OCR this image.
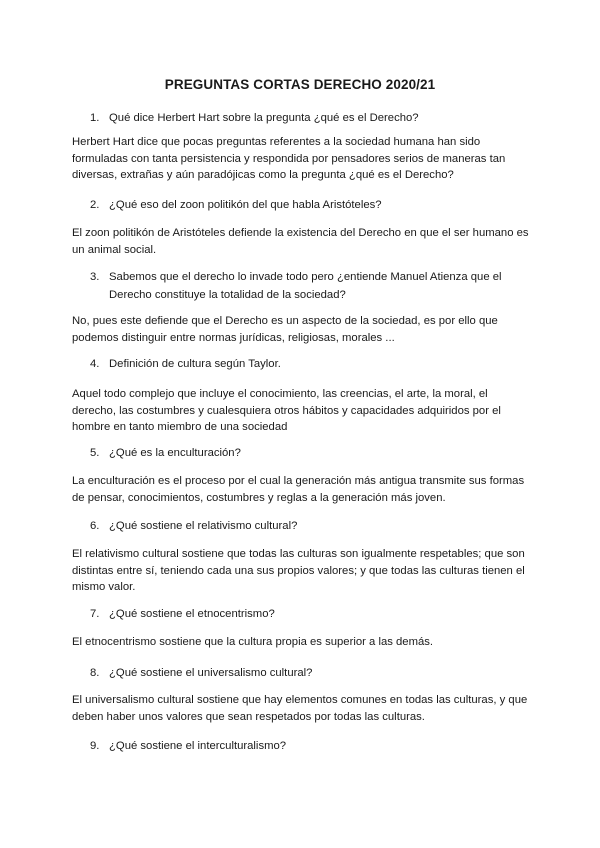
PREGUNTAS CORTAS DERECHO 2020/21
1. Qué dice Herbert Hart sobre la pregunta ¿qué es el Derecho?

Herbert Hart dice que pocas preguntas referentes a la sociedad humana han sido formuladas con tanta persistencia y respondida por pensadores serios de maneras tan diversas, extrañas y aún paradójicas como la pregunta ¿qué es el Derecho?

2. ¿Qué eso del zoon politikón del que habla Aristóteles?

El zoon politikón de Aristóteles defiende la existencia del Derecho en que el ser humano es un animal social.

3. Sabemos que el derecho lo invade todo pero ¿entiende Manuel Atienza que el Derecho constituye la totalidad de la sociedad?

No, pues este defiende que el Derecho es un aspecto de la sociedad, es por ello que podemos distinguir entre normas jurídicas, religiosas, morales ...

4. Definición de cultura según Taylor.

Aquel todo complejo que incluye el conocimiento, las creencias, el arte, la moral, el derecho, las costumbres y cualesquiera otros hábitos y capacidades adquiridos por el hombre en tanto miembro de una sociedad

5. ¿Qué es la enculturación?

La enculturación es el proceso por el cual la generación más antigua transmite sus formas de pensar, conocimientos, costumbres y reglas a la generación más joven.

6. ¿Qué sostiene el relativismo cultural?

El relativismo cultural sostiene que todas las culturas son igualmente respetables; que son distintas entre sí, teniendo cada una sus propios valores; y que todas las culturas tienen el mismo valor.

7. ¿Qué sostiene el etnocentrismo?

El etnocentrismo sostiene que la cultura propia es superior a las demás.

8. ¿Qué sostiene el universalismo cultural?

El universalismo cultural sostiene que hay elementos comunes en todas las culturas, y que deben haber unos valores que sean respetados por todas las culturas.

9. ¿Qué sostiene el interculturalismo?
